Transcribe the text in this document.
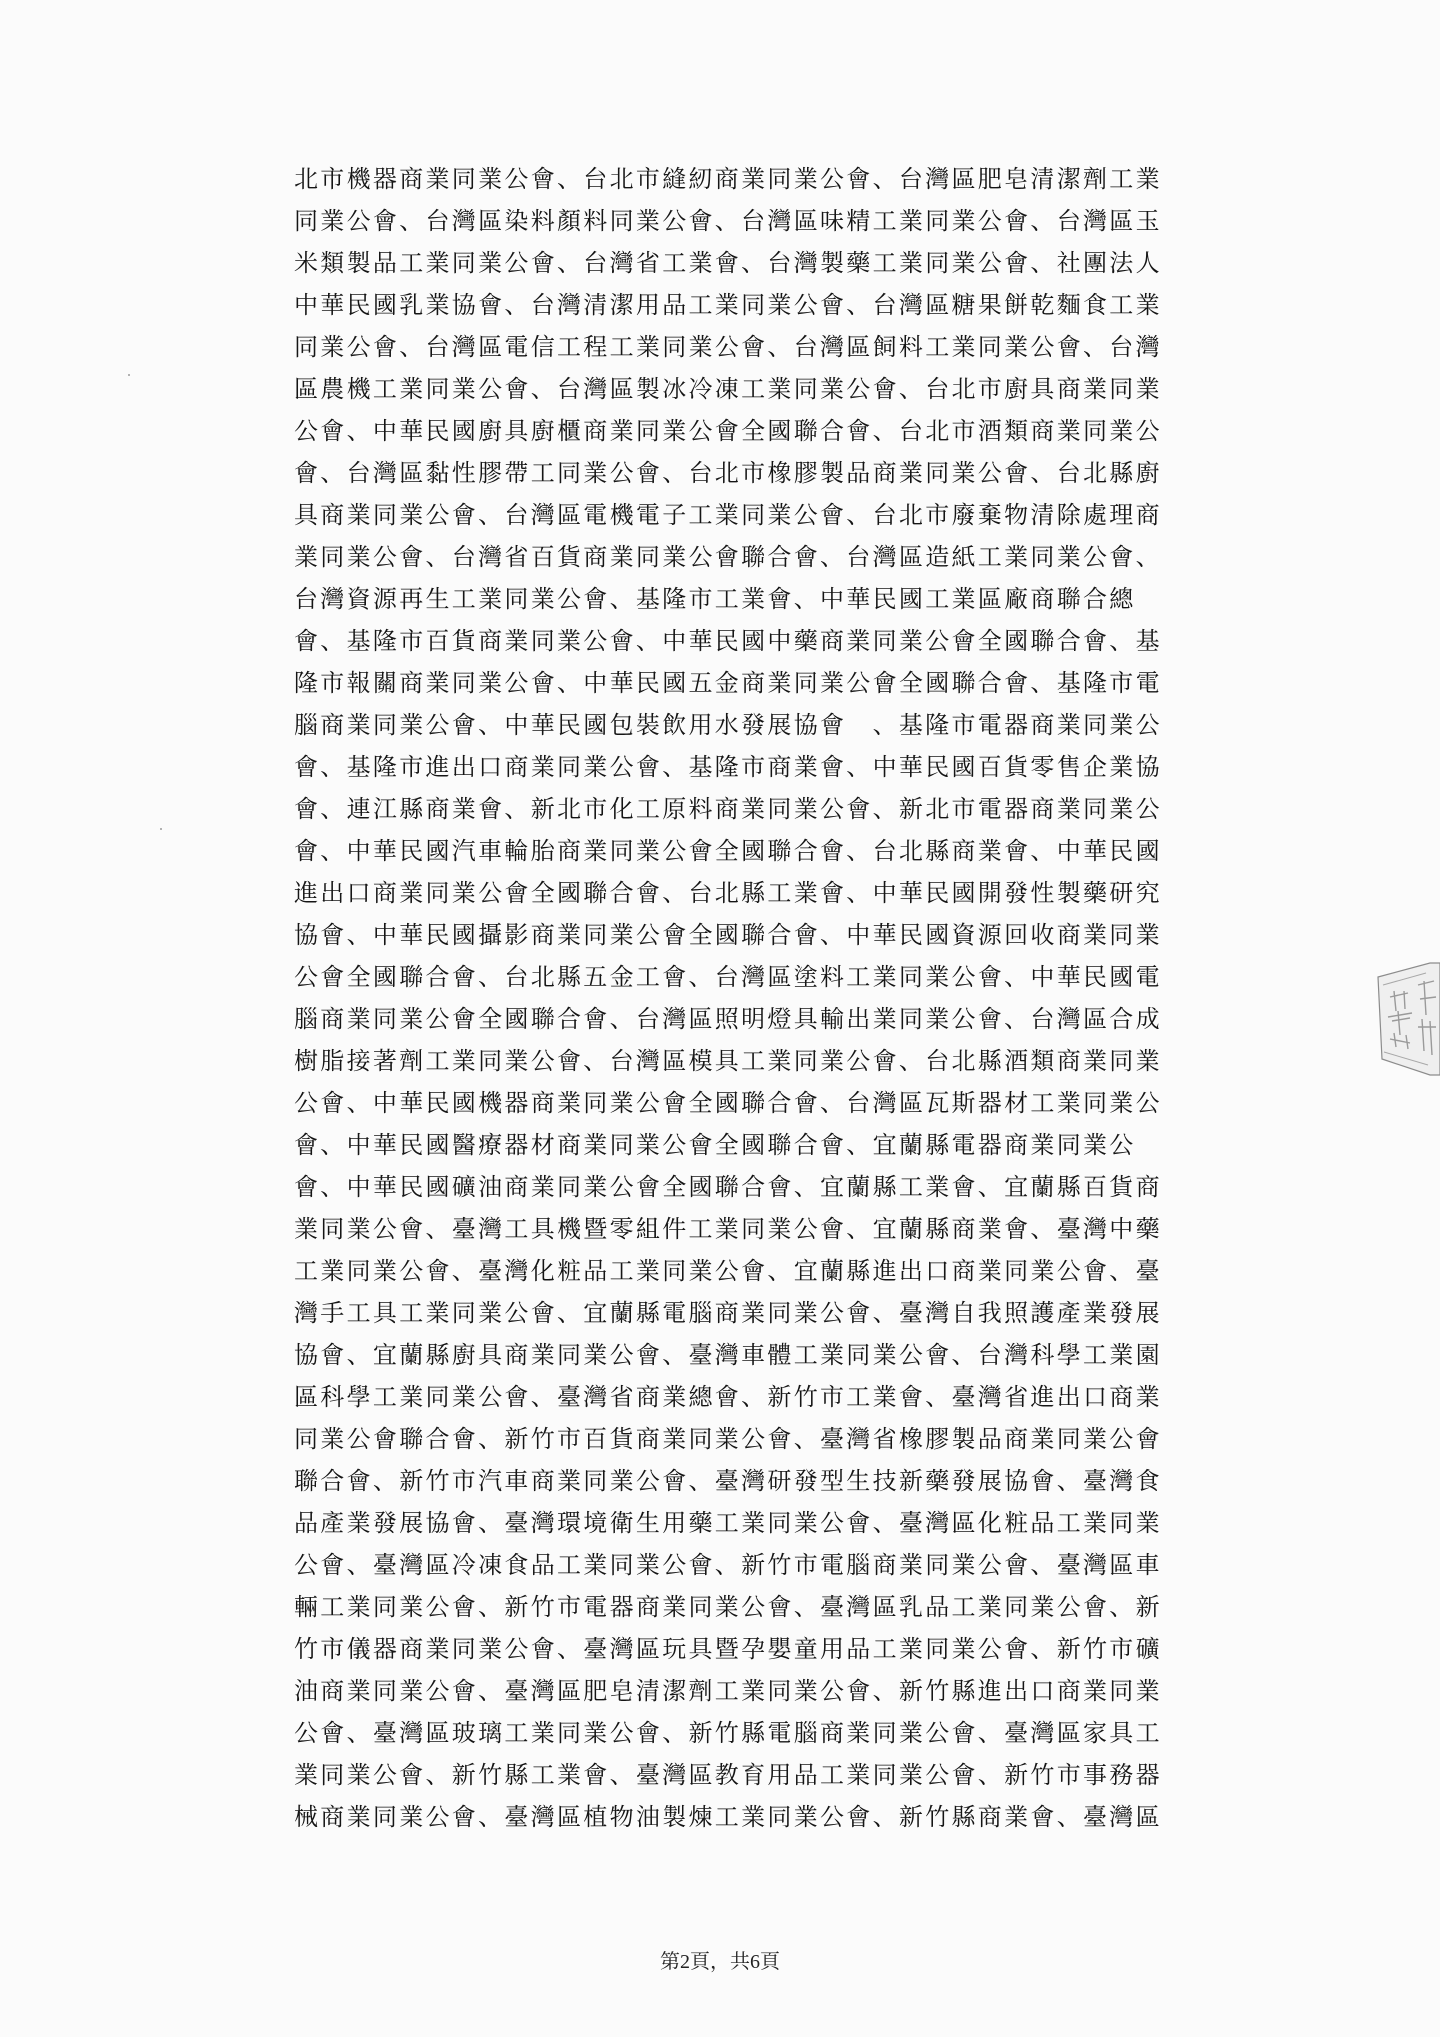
北市機器商業同業公會、台北市縫紉商業同業公會、台灣區肥皂清潔劑工業
同業公會、台灣區染料顏料同業公會、台灣區味精工業同業公會、台灣區玉
米類製品工業同業公會、台灣省工業會、台灣製藥工業同業公會、社團法人
中華民國乳業協會、台灣清潔用品工業同業公會、台灣區糖果餅乾麵食工業
同業公會、台灣區電信工程工業同業公會、台灣區飼料工業同業公會、台灣
區農機工業同業公會、台灣區製冰冷凍工業同業公會、台北市廚具商業同業
公會、中華民國廚具廚櫃商業同業公會全國聯合會、台北市酒類商業同業公
會、台灣區黏性膠帶工同業公會、台北市橡膠製品商業同業公會、台北縣廚
具商業同業公會、台灣區電機電子工業同業公會、台北市廢棄物清除處理商
業同業公會、台灣省百貨商業同業公會聯合會、台灣區造紙工業同業公會、
台灣資源再生工業同業公會、基隆市工業會、中華民國工業區廠商聯合總
會、基隆市百貨商業同業公會、中華民國中藥商業同業公會全國聯合會、基
隆市報關商業同業公會、中華民國五金商業同業公會全國聯合會、基隆市電
腦商業同業公會、中華民國包裝飲用水發展協會　、基隆市電器商業同業公
會、基隆市進出口商業同業公會、基隆市商業會、中華民國百貨零售企業協
會、連江縣商業會、新北市化工原料商業同業公會、新北市電器商業同業公
會、中華民國汽車輪胎商業同業公會全國聯合會、台北縣商業會、中華民國
進出口商業同業公會全國聯合會、台北縣工業會、中華民國開發性製藥研究
協會、中華民國攝影商業同業公會全國聯合會、中華民國資源回收商業同業
公會全國聯合會、台北縣五金工會、台灣區塗料工業同業公會、中華民國電
腦商業同業公會全國聯合會、台灣區照明燈具輸出業同業公會、台灣區合成
樹脂接著劑工業同業公會、台灣區模具工業同業公會、台北縣酒類商業同業
公會、中華民國機器商業同業公會全國聯合會、台灣區瓦斯器材工業同業公
會、中華民國醫療器材商業同業公會全國聯合會、宜蘭縣電器商業同業公
會、中華民國礦油商業同業公會全國聯合會、宜蘭縣工業會、宜蘭縣百貨商
業同業公會、臺灣工具機暨零組件工業同業公會、宜蘭縣商業會、臺灣中藥
工業同業公會、臺灣化粧品工業同業公會、宜蘭縣進出口商業同業公會、臺
灣手工具工業同業公會、宜蘭縣電腦商業同業公會、臺灣自我照護產業發展
協會、宜蘭縣廚具商業同業公會、臺灣車體工業同業公會、台灣科學工業園
區科學工業同業公會、臺灣省商業總會、新竹市工業會、臺灣省進出口商業
同業公會聯合會、新竹市百貨商業同業公會、臺灣省橡膠製品商業同業公會
聯合會、新竹市汽車商業同業公會、臺灣研發型生技新藥發展協會、臺灣食
品產業發展協會、臺灣環境衛生用藥工業同業公會、臺灣區化粧品工業同業
公會、臺灣區冷凍食品工業同業公會、新竹市電腦商業同業公會、臺灣區車
輛工業同業公會、新竹市電器商業同業公會、臺灣區乳品工業同業公會、新
竹市儀器商業同業公會、臺灣區玩具暨孕嬰童用品工業同業公會、新竹市礦
油商業同業公會、臺灣區肥皂清潔劑工業同業公會、新竹縣進出口商業同業
公會、臺灣區玻璃工業同業公會、新竹縣電腦商業同業公會、臺灣區家具工
業同業公會、新竹縣工業會、臺灣區教育用品工業同業公會、新竹市事務器
械商業同業公會、臺灣區植物油製煉工業同業公會、新竹縣商業會、臺灣區
第2頁，共6頁
